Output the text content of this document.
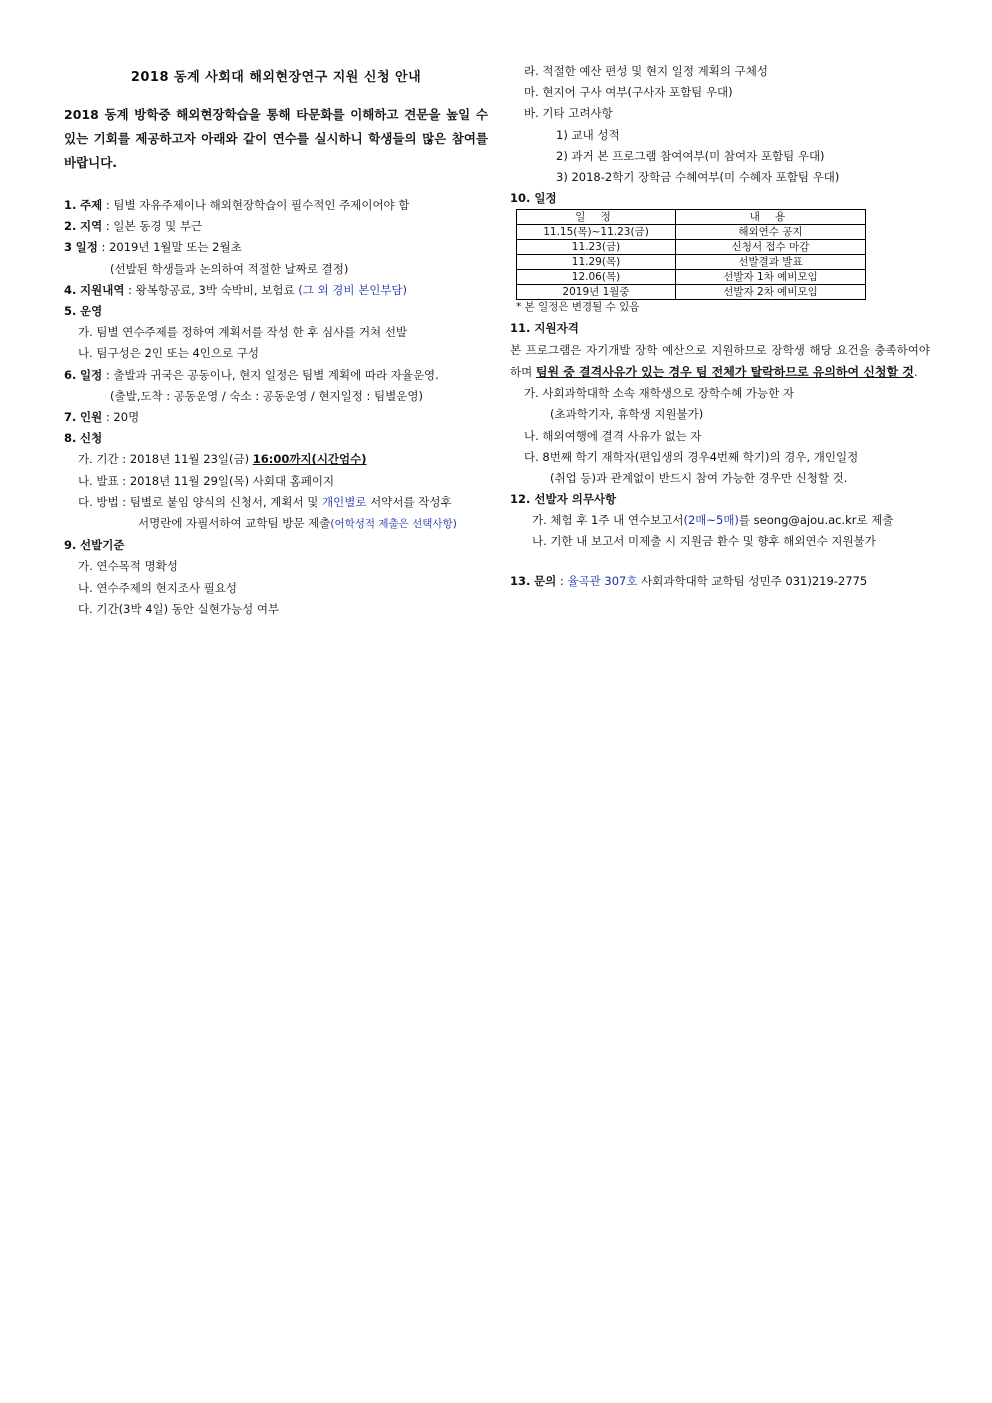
2018 동계 사회대 해외현장연구 지원 신청 안내
2018 동계 방학중 해외현장학습을 통해 타문화를 이해하고 견문을 높일 수 있는 기회를 제공하고자 아래와 같이 연수를 실시하니 학생들의 많은 참여를 바랍니다.
1. 주제 : 팀별 자유주제이나 해외현장학습이 필수적인 주제이어야 함
2. 지역 : 일본 동경 및 부근
3 일정 : 2019년 1월말 또는 2월초
(선발된 학생들과 논의하여 적절한 날짜로 결정)
4. 지원내역 : 왕복항공료, 3박 숙박비, 보험료 (그 외 경비 본인부담)
5. 운영
가. 팀별 연수주제를 정하여 계획서를 작성 한 후 심사를 거쳐 선발
나. 팀구성은 2인 또는 4인으로 구성
6. 일정 : 출발과 귀국은 공동이나, 현지 일정은 팀별 계획에 따라 자율운영.
(출발,도착 : 공동운영 / 숙소 : 공동운영 / 현지일정 : 팀별운영)
7. 인원 : 20명
8. 신청
가. 기간 : 2018년 11월 23일(금) 16:00까지(시간엄수)
나. 발표 : 2018년 11월 29일(목) 사회대 홈페이지
다. 방법 : 팀별로 붙임 양식의 신청서, 계획서 및 개인별로 서약서를 작성후
서명란에 자필서하여 교학팀 방문 제출(어학성적 제출은 선택사항)
9. 선발기준
가. 연수목적 명확성
나. 연수주제의 현지조사 필요성
다. 기간(3박 4일) 동안 실현가능성 여부
라. 적절한 예산 편성 및 현지 일정 계획의 구체성
마. 현지어 구사 여부(구사자 포함팀 우대)
바. 기타 고려사항
1) 교내 성적
2) 과거 본 프로그램 참여여부(미 참여자 포함팀 우대)
3) 2018-2학기 장학금 수혜여부(미 수혜자 포함팀 우대)
10. 일정
일 정	내 용
11.15(목)~11.23(금)	해외연수 공지
11.23(금)	신청서 접수 마감
11.29(목)	선발결과 발표
12.06(목)	선발자 1차 예비모임
2019년 1월중	선발자 2차 예비모임
* 본 일정은 변경될 수 있음
11. 지원자격
본 프로그램은 자기개발 장학 예산으로 지원하므로 장학생 해당 요건을 충족하여야 하며 팀원 중 결격사유가 있는 경우 팀 전체가 탈락하므로 유의하여 신청할 것.
가. 사회과학대학 소속 재학생으로 장학수혜 가능한 자
(초과학기자, 휴학생 지원불가)
나. 해외여행에 결격 사유가 없는 자
다. 8번째 학기 재학자(편입생의 경우4번째 학기)의 경우, 개인일정
(취업 등)과 관계없이 반드시 참여 가능한 경우만 신청할 것.
12. 선발자 의무사항
가. 체험 후 1주 내 연수보고서(2매~5매)를 seong@ajou.ac.kr로 제출
나. 기한 내 보고서 미제출 시 지원금 환수 및 향후 해외연수 지원불가
13. 문의 : 율곡관 307호 사회과학대학 교학팀 성민주 031)219-2775
